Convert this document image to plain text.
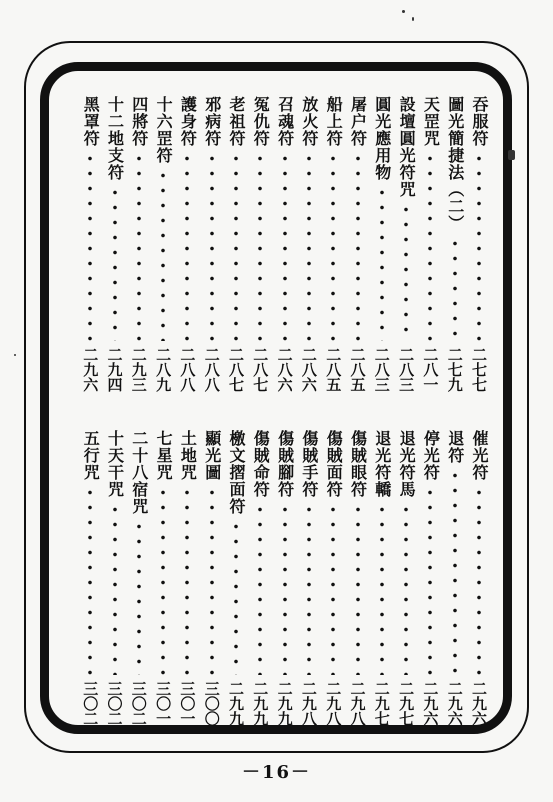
吞服符
二七七
圖光簡捷法（二）
二七九
天罡咒
二八一
設壇圓光符咒
二八三
圓光應用物
二八三
屠户符
二八五
船上符
二八五
放火符
二八六
召魂符
二八六
冤仇符
二八七
老祖符
二八七
邪病符
二八八
護身符
二八八
十六罡符
二八九
四將符
二九三
十二地支符
二九四
黑罩符
二九六
催光符
二九六
退符
二九六
停光符
二九六
退光符馬
二九七
退光符轎
二九七
傷賊眼符
二九八
傷賊面符
二九八
傷賊手符
二九八
傷賊腳符
二九九
傷賊命符
二九九
檄文摺面符
二九九
顯光圖
三〇〇
土地咒
三〇一
七星咒
三〇一
二十八宿咒
三〇二
十天干咒
三〇二
五行咒
三〇二
－16－
